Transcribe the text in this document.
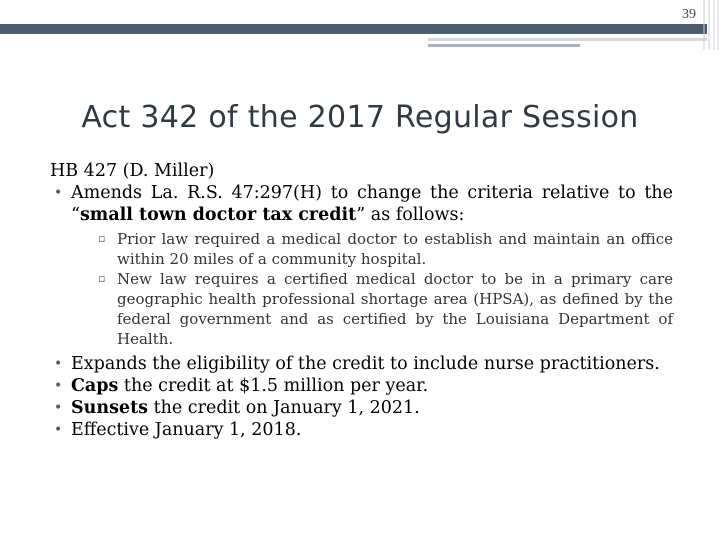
39
Act 342 of the 2017 Regular Session

HB 427 (D. Miller)

• Amends La. R.S. 47:297(H) to change the criteria relative to the “small town doctor tax credit” as follows:
▫ Prior law required a medical doctor to establish and maintain an office within 20 miles of a community hospital.
▫ New law requires a certified medical doctor to be in a primary care geographic health professional shortage area (HPSA), as defined by the federal government and as certified by the Louisiana Department of Health.
• Expands the eligibility of the credit to include nurse practitioners.
• Caps the credit at $1.5 million per year.
• Sunsets the credit on January 1, 2021.
• Effective January 1, 2018.
